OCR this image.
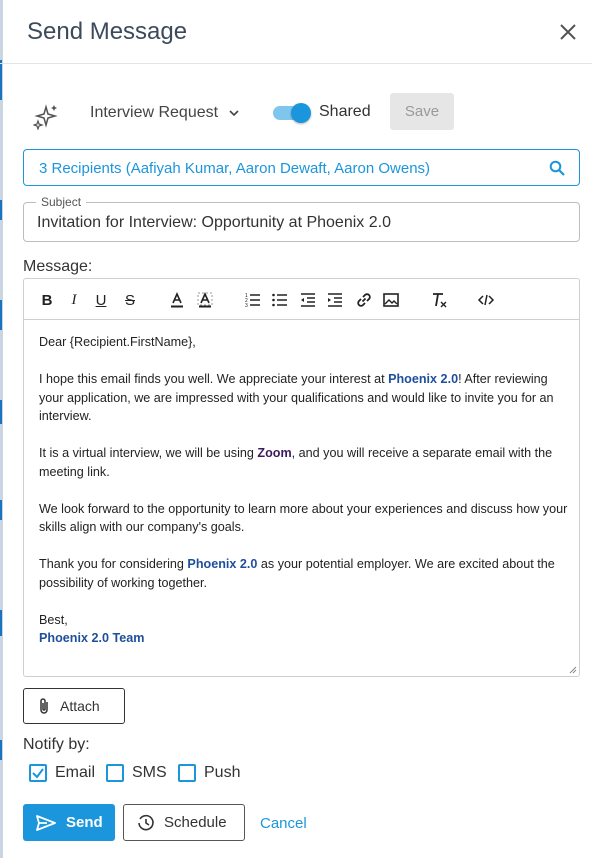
Send Message
Interview Request	Shared	Save
3 Recipients (Aafiyah Kumar, Aaron Dewaft, Aaron Owens)
Subject
Invitation for Interview: Opportunity at Phoenix 2.0
Message:
B	I	U S	1
2
3

Dear {Recipient.FirstName},

I hope this email finds you well. We appreciate your interest at Phoenix 2.0! After reviewing your application, we are impressed with your qualifications and would like to invite you for an interview.

It is a virtual interview, we will be using Zoom, and you will receive a separate email with the meeting link.

We look forward to the opportunity to learn more about your experiences and discuss how your skills align with our company's goals.

Thank you for considering Phoenix 2.0 as your potential employer. We are excited about the possibility of working together.

Best,

Phoenix 2.0 Team
Attach
Notify by:
Email SMS Push
Send	Schedule Cancel
